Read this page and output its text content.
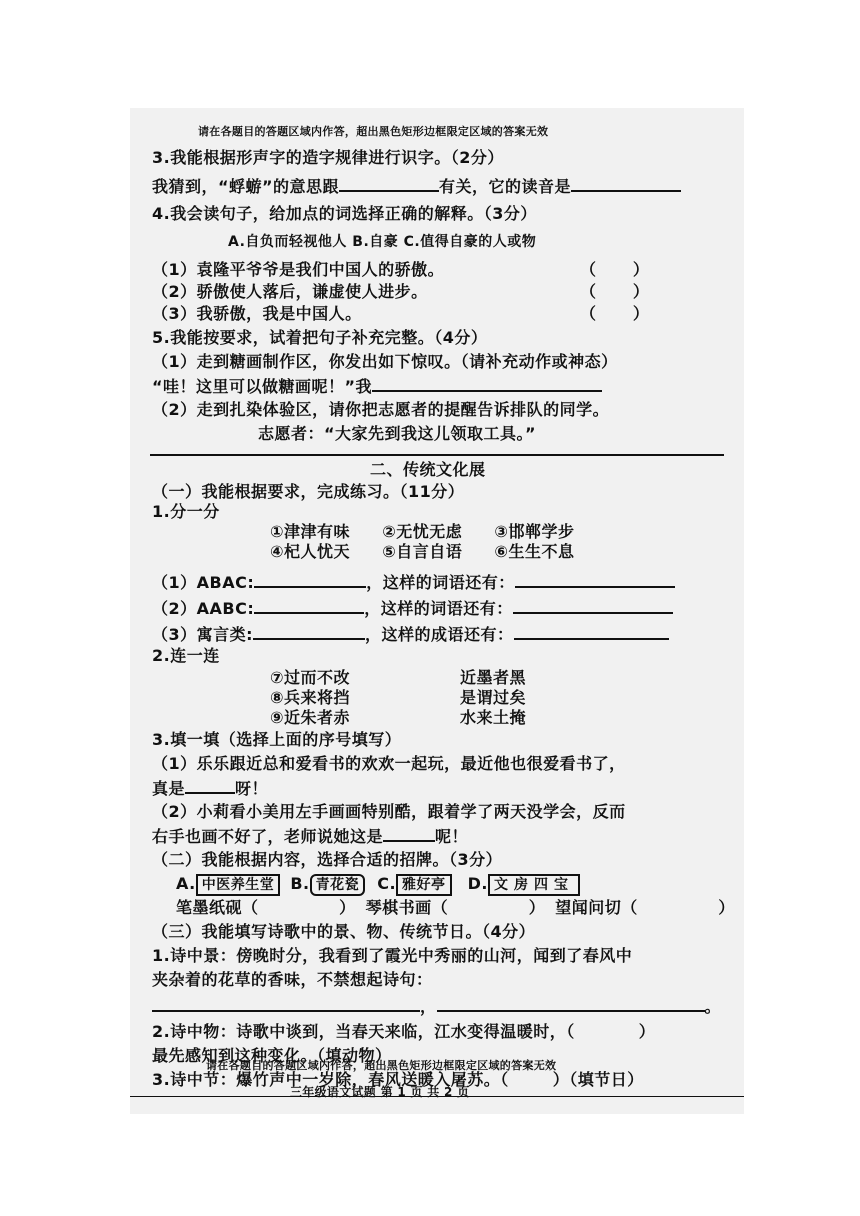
请在各题目的答题区域内作答，超出黑色矩形边框限定区域的答案无效
3.我能根据形声字的造字规律进行识字。（2分）
我猜到，“蜉蝣”的意思跟	有关，它的读音是
4.我会读句子，给加点的词选择正确的解释。（3分）
A.自负而轻视他人 B.自豪 C.值得自豪的人或物
（1）袁隆平爷爷是我们中国人的骄傲。	（      ）
（2）骄傲使人落后，谦虚使人进步。	（      ）
（3）我骄傲，我是中国人。	（      ）
5.我能按要求，试着把句子补充完整。（4分）
（1）走到糖画制作区，你发出如下惊叹。（请补充动作或神态）
“哇！这里可以做糖画呢！”我
（2）走到扎染体验区，请你把志愿者的提醒告诉排队的同学。
志愿者：“大家先到我这儿领取工具。”
二、传统文化展
（一）我能根据要求，完成练习。（11分）
1.分一分
①津津有味 ②无忧无虑 ③邯郸学步
④杞人忧天 ⑤自言自语 ⑥生生不息
（1）ABAC:	，这样的词语还有：
（2）AABC:	，这样的词语还有：
（3）寓言类:	，这样的成语还有：
2.连一连
⑦过而不改
⑧兵来将挡
⑨近朱者赤
近墨者黑
是谓过矣
水来土掩
3.填一填（选择上面的序号填写）
（1）乐乐跟近总和爱看书的欢欢一起玩，最近他也很爱看书了，
真是	呀！
（2）小莉看小美用左手画画特别酷，跟着学了两天没学会，反而
右手也画不好了，老师说她这是	呢！
（二）我能根据内容，选择合适的招牌。（3分）
A. 中医养生堂 B. 青花瓷 C. 雅好亭 D. 文房四宝
笔墨纸砚（	） 琴棋书画（	） 望闻问切（	）
（三）我能填写诗歌中的景、物、传统节日。（4分）
1.诗中景：傍晚时分，我看到了霞光中秀丽的山河，闻到了春风中
夹杂着的花草的香味，不禁想起诗句：
，	。
2.诗中物：诗歌中谈到，当春天来临，江水变得温暖时，（	）
最先感知到这种变化。（填动物）
3.诗中节：爆竹声中一岁除，春风送暖入屠苏。（	）（填节日）
请在各题目的答题区域内作答，超出黑色矩形边框限定区域的答案无效
三年级语文试题 第 1 页 共 2 页
